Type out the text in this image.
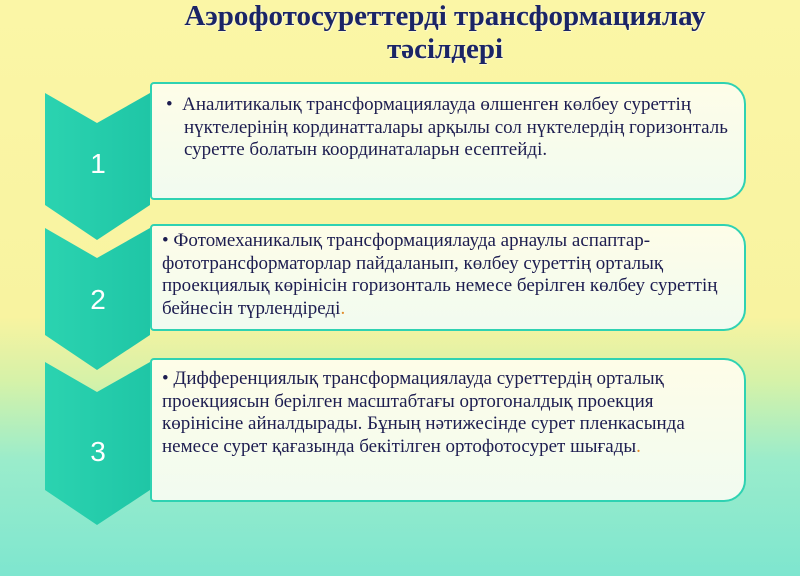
Аэрофотосуреттерді трансформациялау
тәсілдері
1
2
3
• Аналитикалық трансформациялауда өлшенген көлбеу суреттің нүктелерінің кординатталары арқылы сол нүктелердің горизонталь суретте болатын координаталарьн есептейді.
• Фотомеханикалық трансформациялауда арнаулы аспаптар-фототрансформаторлар пайдаланып, көлбеу суреттің орталық проекциялық көрінісін горизонталь немесе берілген көлбеу суреттің бейнесін түрлендіреді.
• Дифференциялық трансформациялауда суреттердің орталық проекциясын берілген масштабтағы ортогоналдық проекция көрінісіне айналдырады. Бұның нәтижесінде сурет пленкасында немесе сурет қағазында бекітілген ортофотосурет шығады.
